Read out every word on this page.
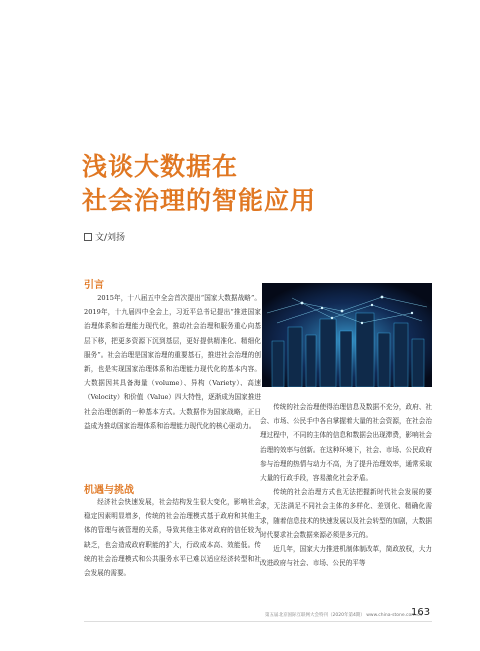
浅谈大数据在
社会治理的智能应用
文/刘扬
引言

2015年，十八届五中全会首次提出“国家大数据战略”。2019年，十九届四中全会上，习近平总书记提出“推进国家治理体系和治理能力现代化，推动社会治理和服务重心向基层下移，把更多资源下沉到基层，更好提供精准化、精细化服务”。社会治理是国家治理的重要基石，推进社会治理的创新，也是实现国家治理体系和治理能力现代化的基本内容。大数据因其具备海量（volume）、异构（Variety）、高速（Velocity）和价值（Value）四大特性，逐渐成为国家推进社会治理创新的一种基本方式。大数据作为国家战略，正日益成为推动国家治理体系和治理能力现代化的核心驱动力。

机遇与挑战

经济社会快速发展，社会结构发生很大变化，影响社会稳定因素明显增多，传统的社会治理模式基于政府和其他主体的管理与被管理的关系，导致其他主体对政府的信任较为缺乏，也会造成政府职能的扩大，行政成本高、效能低。传统的社会治理模式和公共服务水平已难以适应经济转型和社会发展的需要。

传统的社会治理使得治理信息及数据不充分，政府、社会、市场、公民手中各自掌握着大量的社会资源，在社会治理过程中，不同的主体的信息和数据会出现滞费，影响社会治理的效率与创新。在这种环境下，社会、市场、公民政府参与治理的热情与动力不高，为了提升治理效率，通常采取大量的行政手段，容易激化社会矛盾。

传统的社会治理方式也无法把握新时代社会发展的要求，无法满足不同社会主体的多样化、差别化、精确化需求，随着信息技术的快速发展以及社会转型的加剧，大数据时代要求社会数据来源必须是多元的。

近几年，国家大力推进机制体制改革，简政放权，大力改进政府与社会、市场、公民的平等

第五届北京国际互联网大会特刊（2020年第4期） www.china-stone.com.cn
163
